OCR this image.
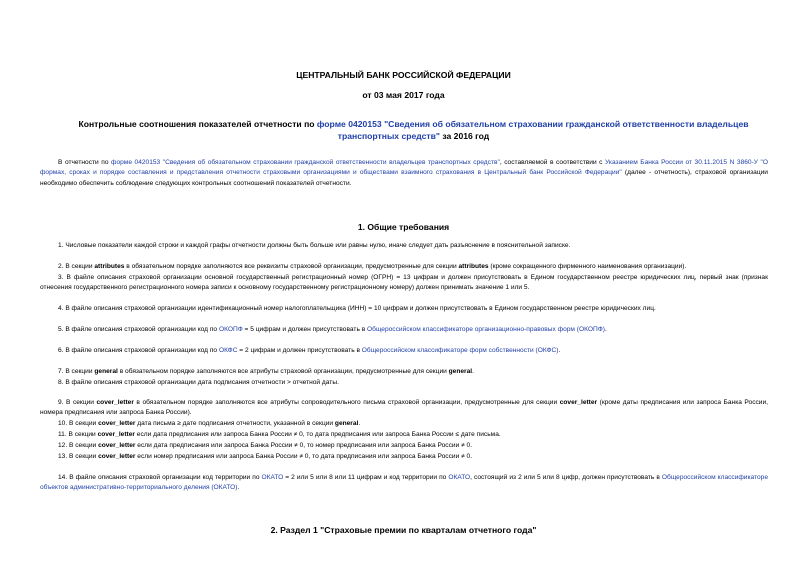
ЦЕНТРАЛЬНЫЙ БАНК РОССИЙСКОЙ ФЕДЕРАЦИИ
от 03 мая 2017 года
Контрольные соотношения показателей отчетности по форме 0420153 "Сведения об обязательном страховании гражданской ответственности владельцев транспортных средств" за 2016 год
В отчетности по форме 0420153 "Сведения об обязательном страховании гражданской ответственности владельцев транспортных средств", составляемой в соответствии с Указанием Банка России от 30.11.2015 N 3860-У "О формах, сроках и порядке составления и представления отчетности страховыми организациями и обществами взаимного страхования в Центральный банк Российской Федерации" (далее - отчетность), страховой организации необходимо обеспечить соблюдение следующих контрольных соотношений показателей отчетности.
1. Общие требования
1. Числовые показатели каждой строки и каждой графы отчетности должны быть больше или равны нулю, иначе следует дать разъяснение в пояснительной записке.
2. В секции attributes в обязательном порядке заполняются все реквизиты страховой организации, предусмотренные для секции attributes (кроме сокращенного фирменного наименования организации).
3. В файле описания страховой организации основной государственный регистрационный номер (ОГРН) = 13 цифрам и должен присутствовать в Едином государственном реестре юридических лиц, первый знак (признак отнесения государственного регистрационного номера записи к основному государственному регистрационному номеру) должен принимать значение 1 или 5.
4. В файле описания страховой организации идентификационный номер налогоплательщика (ИНН) = 10 цифрам и должен присутствовать в Едином государственном реестре юридических лиц.
5. В файле описания страховой организации код по ОКОПФ = 5 цифрам и должен присутствовать в Общероссийском классификаторе организационно-правовых форм (ОКОПФ).
6. В файле описания страховой организации код по ОКФС = 2 цифрам и должен присутствовать в Общероссийском классификаторе форм собственности (ОКФС).
7. В секции general в обязательном порядке заполняются все атрибуты страховой организации, предусмотренные для секции general.
8. В файле описания страховой организации дата подписания отчетности > отчетной даты.
9. В секции cover_letter в обязательном порядке заполняются все атрибуты сопроводительного письма страховой организации, предусмотренные для секции cover_letter (кроме даты предписания или запроса Банка России, номера предписания или запроса Банка России).
10. В секции cover_letter дата письма ≥ дате подписания отчетности, указанной в секции general.
11. В секции cover_letter если дата предписания или запроса Банка России ≠ 0, то дата предписания или запроса Банка России ≤ дате письма.
12. В секции cover_letter если дата предписания или запроса Банка России ≠ 0, то номер предписания или запроса Банка России ≠ 0.
13. В секции cover_letter если номер предписания или запроса Банка России ≠ 0, то дата предписания или запроса Банка России ≠ 0.
14. В файле описания страховой организации код территории по ОКАТО = 2 или 5 или 8 или 11 цифрам и код территории по ОКАТО, состоящий из 2 или 5 или 8 цифр, должен присутствовать в Общероссийском классификаторе объектов административно-территориального деления (ОКАТО).
2. Раздел 1 "Страховые премии по кварталам отчетного года"
